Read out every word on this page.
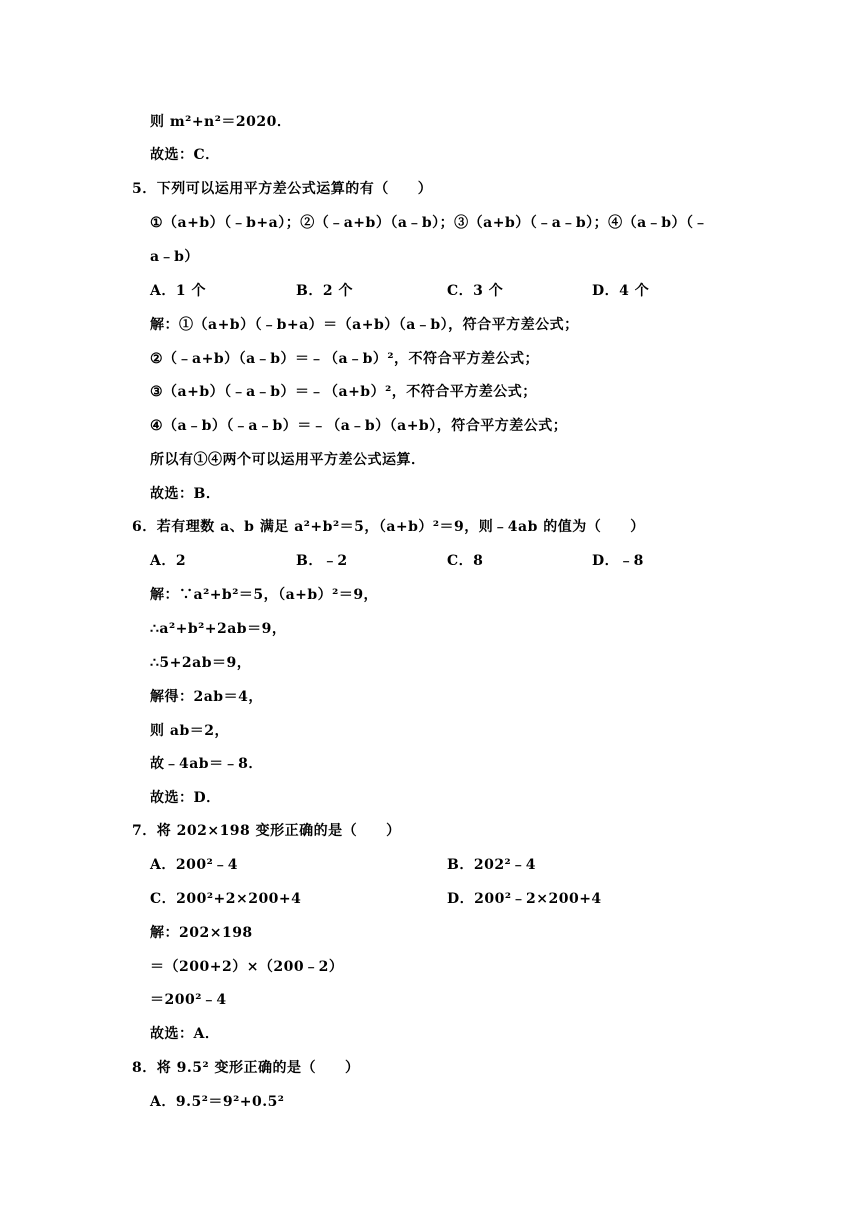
则 m²+n²＝2020．
故选：C．
5．下列可以运用平方差公式运算的有（　　）
①（a+b）（﹣b+a）；②（﹣a+b）（a﹣b）；③（a+b）（﹣a﹣b）；④（a﹣b）（﹣
a﹣b）
A．1 个	B．2 个	C．3 个	D．4 个
解：①（a+b）（﹣b+a）＝（a+b）（a﹣b），符合平方差公式；
②（﹣a+b）（a﹣b）＝﹣（a﹣b）²，不符合平方差公式；
③（a+b）（﹣a﹣b）＝﹣（a+b）²，不符合平方差公式；
④（a﹣b）（﹣a﹣b）＝﹣（a﹣b）（a+b），符合平方差公式；
所以有①④两个可以运用平方差公式运算．
故选：B．
6．若有理数 a、b 满足 a²+b²＝5，（a+b）²＝9，则﹣4ab 的值为（　　）
A．2	B．﹣2	C．8	D．﹣8
解：∵a²+b²＝5，（a+b）²＝9，
∴a²+b²+2ab＝9，
∴5+2ab＝9，
解得：2ab＝4，
则 ab＝2，
故﹣4ab＝﹣8．
故选：D．
7．将 202×198 变形正确的是（　　）
A．200²﹣4	B．202²﹣4
C．200²+2×200+4	D．200²﹣2×200+4
解：202×198
＝（200+2）×（200﹣2）
＝200²﹣4
故选：A．
8．将 9.5² 变形正确的是（　　）
A．9.5²＝9²+0.5²
